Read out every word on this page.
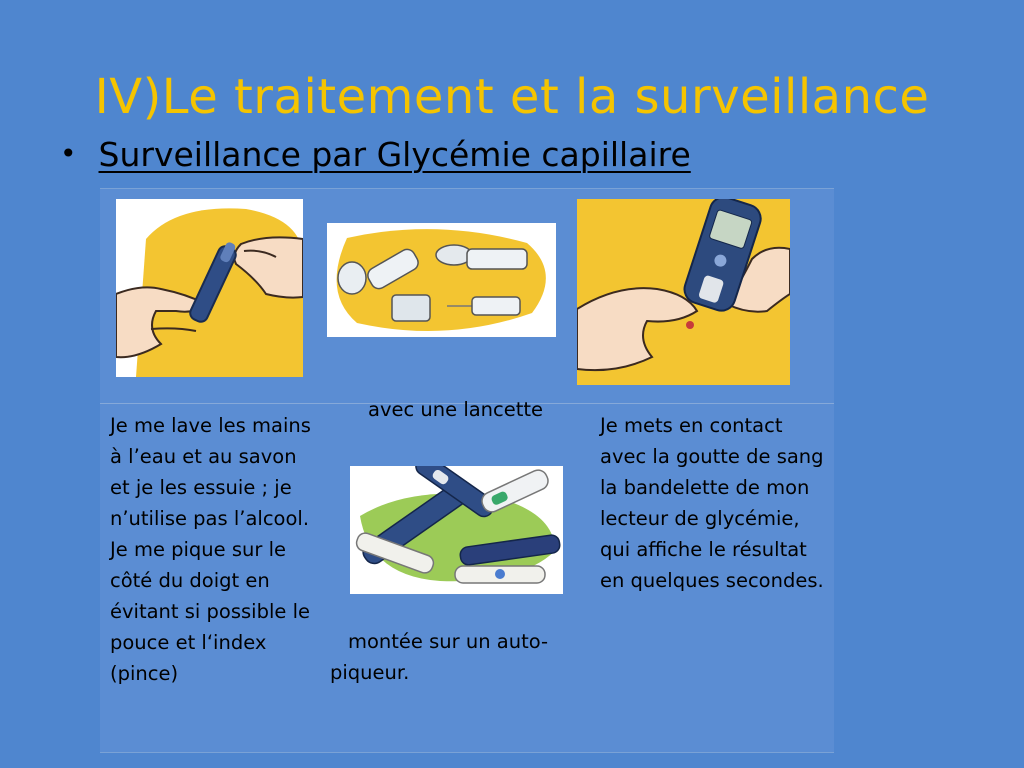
IV)Le traitement et la surveillance
• Surveillance par Glycémie capillaire
Je me lave les mains à l’eau et au savon et je les essuie ; je n’utilise pas l’alcool.
Je me pique sur le côté du doigt en évitant si possible le pouce et l‘index (pince)
avec une lancette
montée sur un auto-piqueur.
Je mets en contact avec la goutte de sang la bandelette de mon lecteur de glycémie, qui affiche le résultat en quelques secondes.
